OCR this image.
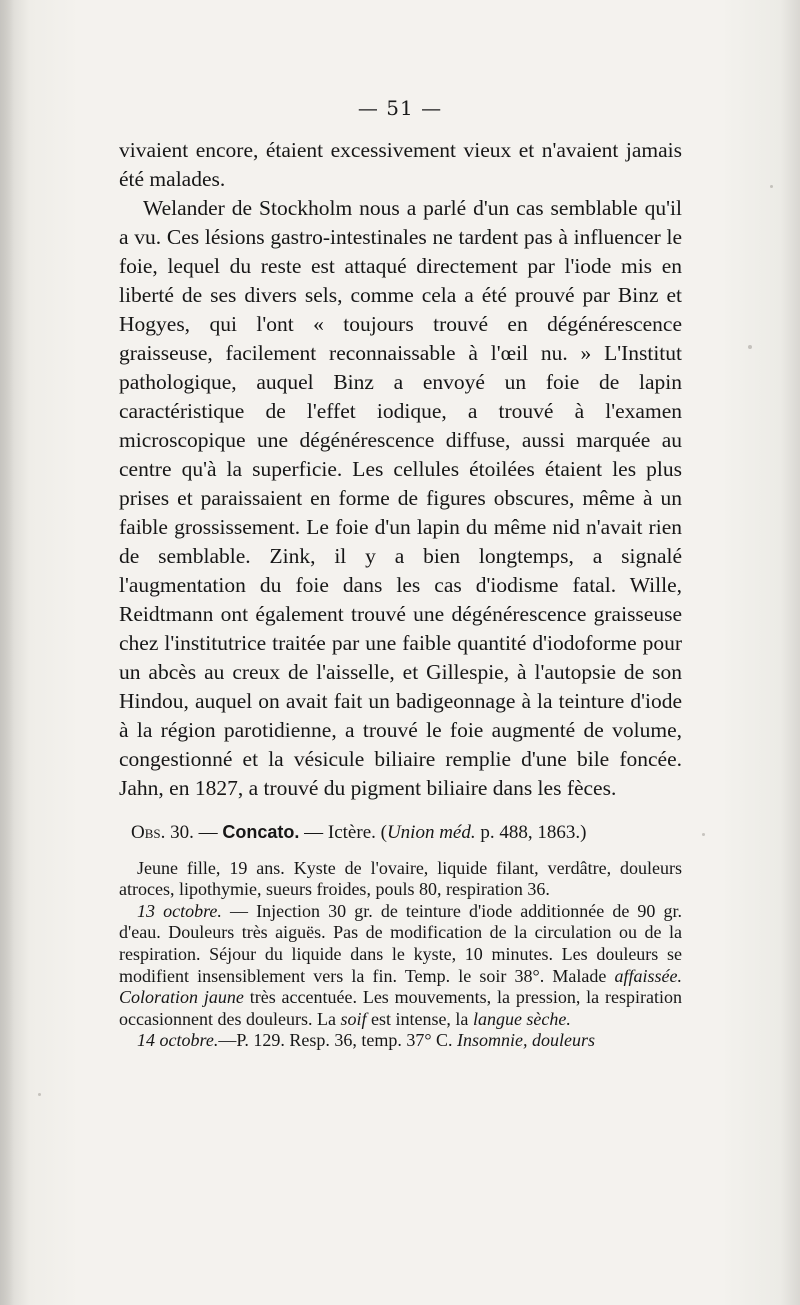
— 51 —

vivaient encore, étaient excessivement vieux et n'avaient jamais été malades.

Welander de Stockholm nous a parlé d'un cas semblable qu'il a vu. Ces lésions gastro-intestinales ne tardent pas à influencer le foie, lequel du reste est attaqué directement par l'iode mis en liberté de ses divers sels, comme cela a été prouvé par Binz et Hogyes, qui l'ont « toujours trouvé en dégénérescence graisseuse, facilement reconnaissable à l'œil nu. » L'Institut pathologique, auquel Binz a envoyé un foie de lapin caractéristique de l'effet iodique, a trouvé à l'examen microscopique une dégénérescence diffuse, aussi marquée au centre qu'à la superficie. Les cellules étoilées étaient les plus prises et paraissaient en forme de figures obscures, même à un faible grossissement. Le foie d'un lapin du même nid n'avait rien de semblable. Zink, il y a bien longtemps, a signalé l'augmentation du foie dans les cas d'iodisme fatal. Wille, Reidtmann ont également trouvé une dégénérescence graisseuse chez l'institutrice traitée par une faible quantité d'iodoforme pour un abcès au creux de l'aisselle, et Gillespie, à l'autopsie de son Hindou, auquel on avait fait un badigeonnage à la teinture d'iode à la région parotidienne, a trouvé le foie augmenté de volume, congestionné et la vésicule biliaire remplie d'une bile foncée. Jahn, en 1827, a trouvé du pigment biliaire dans les fèces.

Obs. 30. — Concato. — Ictère. (Union méd. p. 488, 1863.)

Jeune fille, 19 ans. Kyste de l'ovaire, liquide filant, verdâtre, douleurs atroces, lipothymie, sueurs froides, pouls 80, respiration 36.

13 octobre. — Injection 30 gr. de teinture d'iode additionnée de 90 gr. d'eau. Douleurs très aiguës. Pas de modification de la circulation ou de la respiration. Séjour du liquide dans le kyste, 10 minutes. Les douleurs se modifient insensiblement vers la fin. Temp. le soir 38°. Malade affaissée. Coloration jaune très accentuée. Les mouvements, la pression, la respiration occasionnent des douleurs. La soif est intense, la langue sèche.

14 octobre.—P. 129. Resp. 36, temp. 37° C. Insomnie, douleurs
